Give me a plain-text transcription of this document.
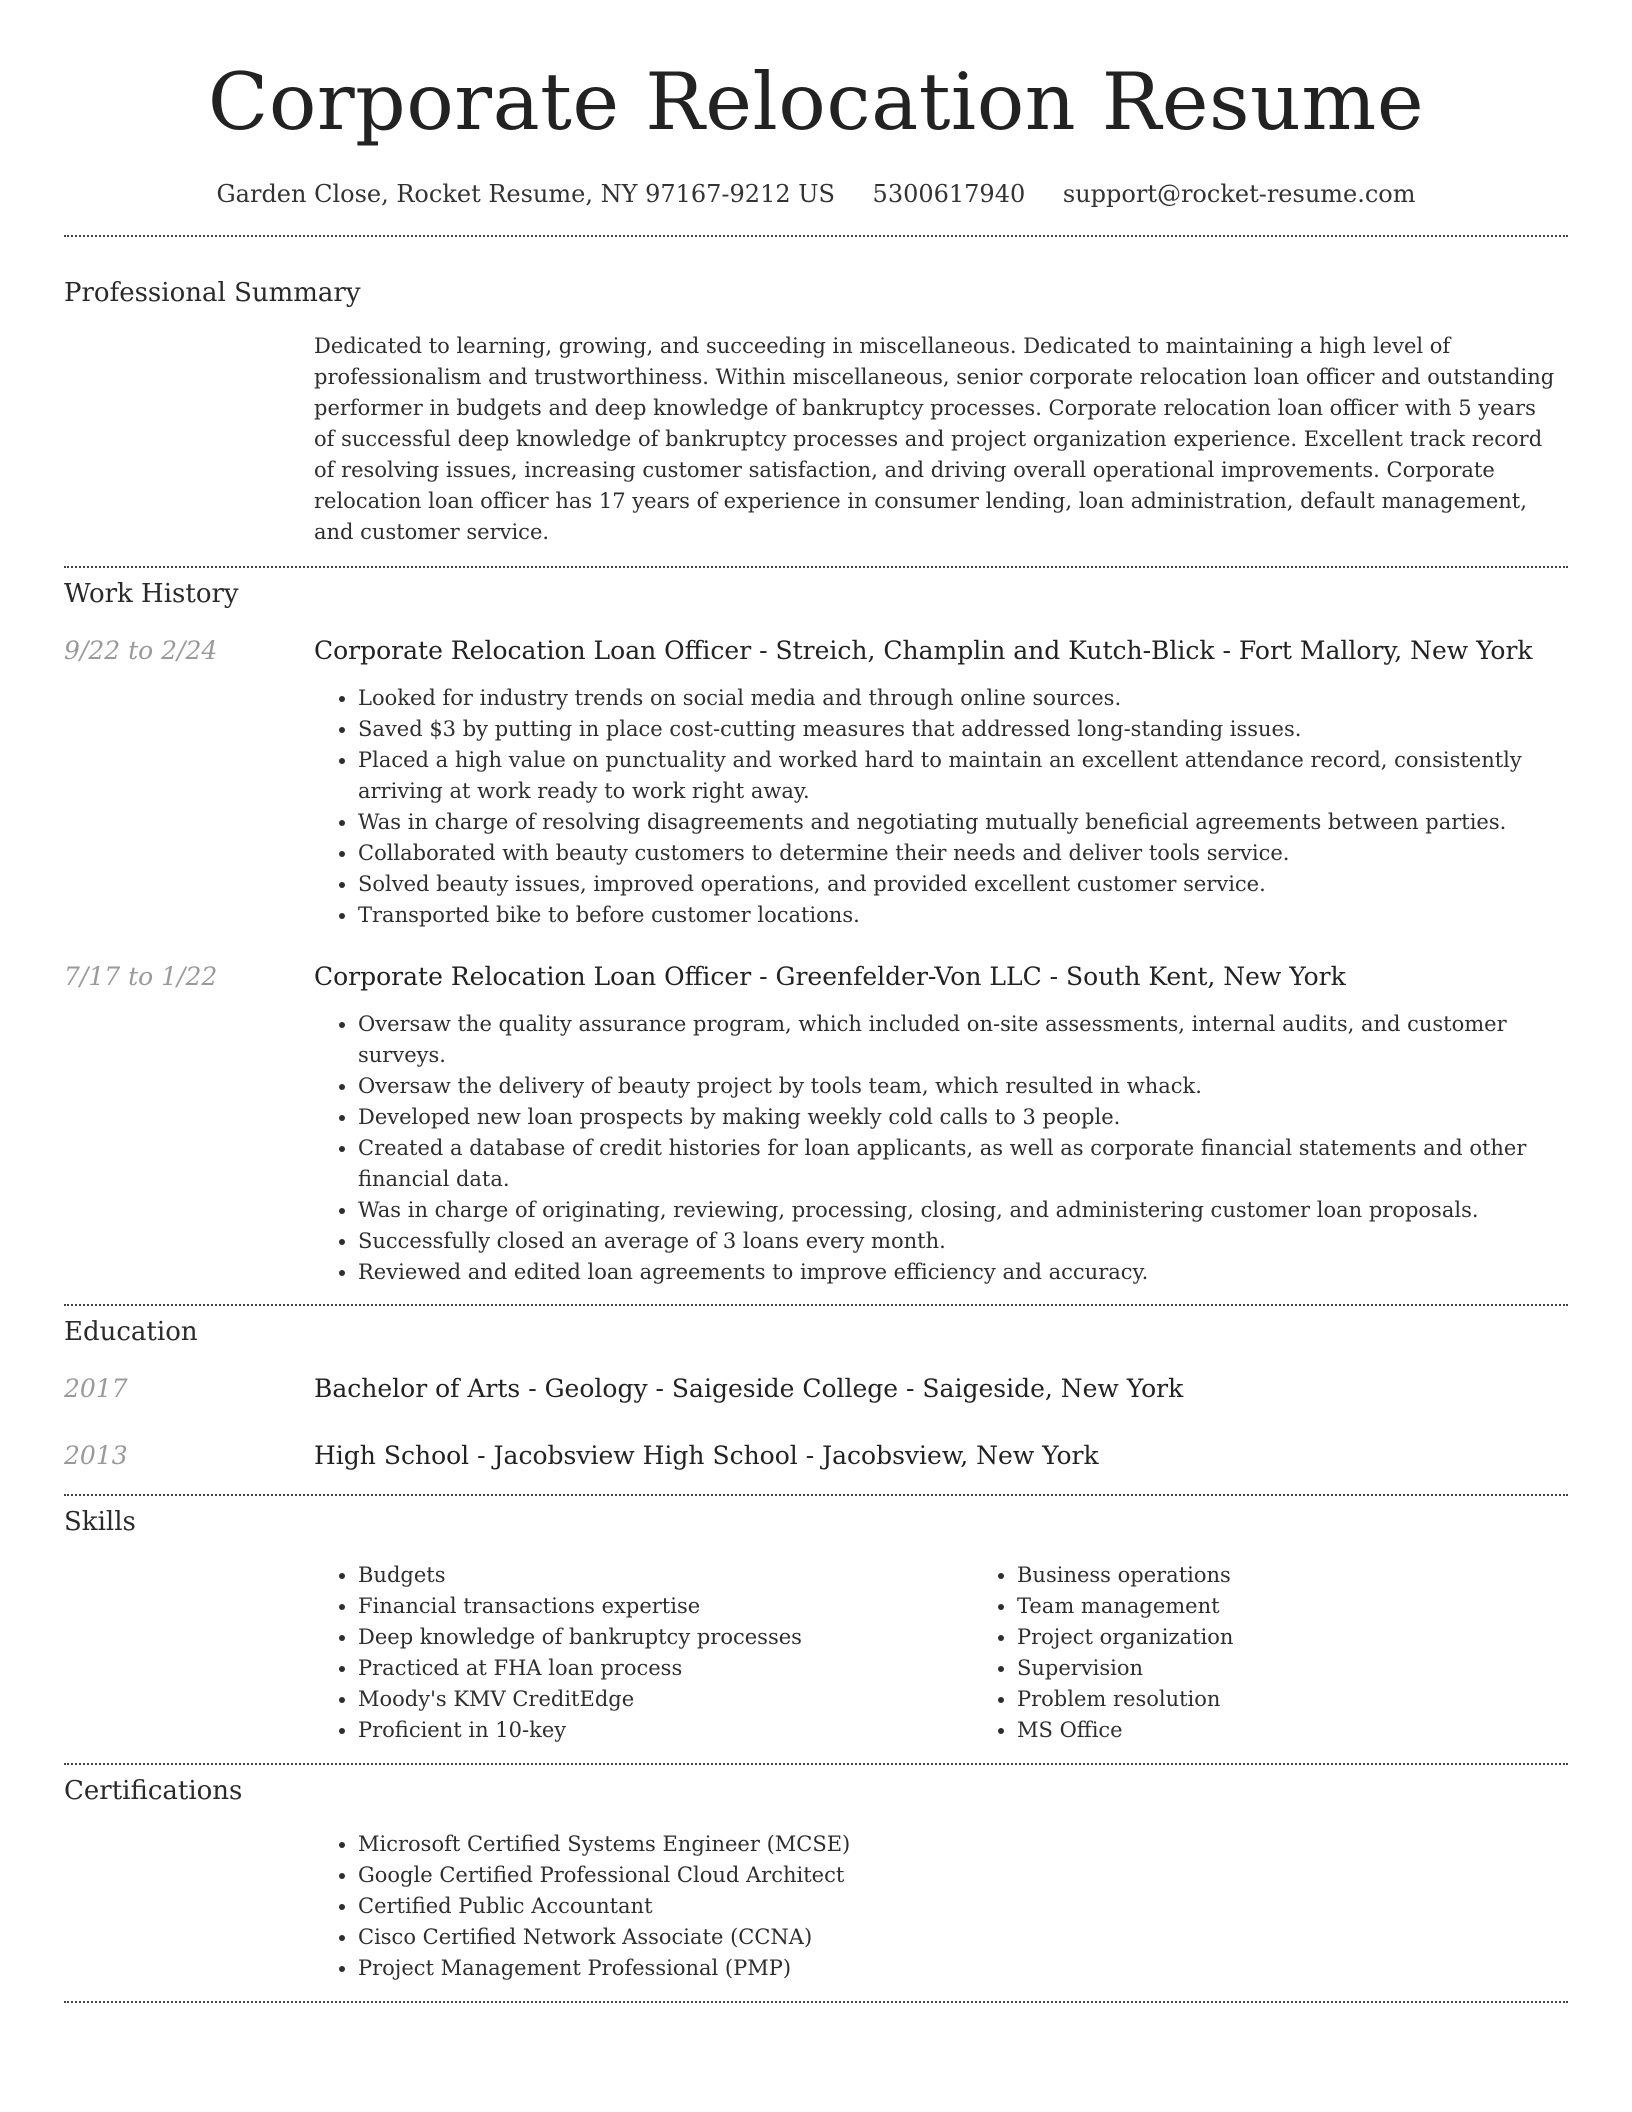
Corporate Relocation Resume
Garden Close, Rocket Resume, NY 97167-9212 US 5300617940 support@rocket-resume.com
Professional Summary
Dedicated to learning, growing, and succeeding in miscellaneous. Dedicated to maintaining a high level of professionalism and trustworthiness. Within miscellaneous, senior corporate relocation loan officer and outstanding performer in budgets and deep knowledge of bankruptcy processes. Corporate relocation loan officer with 5 years of successful deep knowledge of bankruptcy processes and project organization experience. Excellent track record of resolving issues, increasing customer satisfaction, and driving overall operational improvements. Corporate relocation loan officer has 17 years of experience in consumer lending, loan administration, default management, and customer service.
Work History
9/22 to 2/24	Corporate Relocation Loan Officer - Streich, Champlin and Kutch-Blick - Fort Mallory, New York
• Looked for industry trends on social media and through online sources.
• Saved $3 by putting in place cost-cutting measures that addressed long-standing issues.
• Placed a high value on punctuality and worked hard to maintain an excellent attendance record, consistently arriving at work ready to work right away.
• Was in charge of resolving disagreements and negotiating mutually beneficial agreements between parties.
• Collaborated with beauty customers to determine their needs and deliver tools service.
• Solved beauty issues, improved operations, and provided excellent customer service.
• Transported bike to before customer locations.
7/17 to 1/22	Corporate Relocation Loan Officer - Greenfelder-Von LLC - South Kent, New York
• Oversaw the quality assurance program, which included on-site assessments, internal audits, and customer surveys.
• Oversaw the delivery of beauty project by tools team, which resulted in whack.
• Developed new loan prospects by making weekly cold calls to 3 people.
• Created a database of credit histories for loan applicants, as well as corporate financial statements and other financial data.
• Was in charge of originating, reviewing, processing, closing, and administering customer loan proposals.
• Successfully closed an average of 3 loans every month.
• Reviewed and edited loan agreements to improve efficiency and accuracy.
Education
2017	Bachelor of Arts - Geology - Saigeside College - Saigeside, New York
2013	High School - Jacobsview High School - Jacobsview, New York
Skills
• Budgets
• Financial transactions expertise
• Deep knowledge of bankruptcy processes
• Practiced at FHA loan process
• Moody's KMV CreditEdge
• Proficient in 10-key
• Business operations
• Team management
• Project organization
• Supervision
• Problem resolution
• MS Office
Certifications
• Microsoft Certified Systems Engineer (MCSE)
• Google Certified Professional Cloud Architect
• Certified Public Accountant
• Cisco Certified Network Associate (CCNA)
• Project Management Professional (PMP)
